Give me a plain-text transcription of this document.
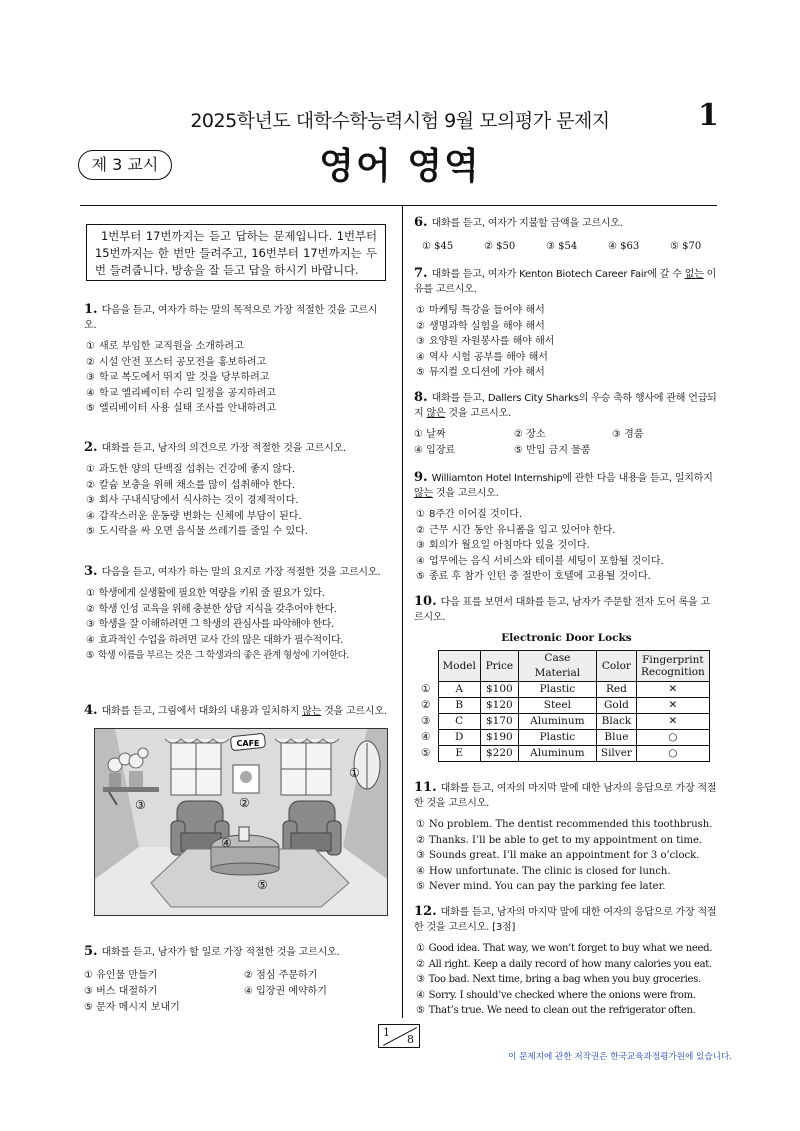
2025학년도 대학수학능력시험 9월 모의평가 문제지	1
제 3 교시	영어 영역
1번부터 17번까지는 듣고 답하는 문제입니다. 1번부터 15번까지는 한 번만 들려주고, 16번부터 17번까지는 두 번 들려줍니다. 방송을 잘 듣고 답을 하시기 바랍니다.
1. 다음을 듣고, 여자가 하는 말의 목적으로 가장 적절한 것을 고르시오.
① 새로 부임한 교직원을 소개하려고
② 시설 안전 포스터 공모전을 홍보하려고
③ 학교 복도에서 뛰지 말 것을 당부하려고
④ 학교 엘리베이터 수리 일정을 공지하려고
⑤ 엘리베이터 사용 실태 조사를 안내하려고
2. 대화를 듣고, 남자의 의견으로 가장 적절한 것을 고르시오.
① 과도한 양의 단백질 섭취는 건강에 좋지 않다.
② 칼슘 보충을 위해 채소를 많이 섭취해야 한다.
③ 회사 구내식당에서 식사하는 것이 경제적이다.
④ 갑작스러운 운동량 변화는 신체에 부담이 된다.
⑤ 도시락을 싸 오면 음식물 쓰레기를 줄일 수 있다.
3. 다음을 듣고, 여자가 하는 말의 요지로 가장 적절한 것을 고르시오.
① 학생에게 실생활에 필요한 역량을 키워 줄 필요가 있다.
② 학생 인성 교육을 위해 충분한 상담 지식을 갖추어야 한다.
③ 학생을 잘 이해하려면 그 학생의 관심사를 파악해야 한다.
④ 효과적인 수업을 하려면 교사 간의 많은 대화가 필수적이다.
⑤ 학생 이름을 부르는 것은 그 학생과의 좋은 관계 형성에 기여한다.
4. 대화를 듣고, 그림에서 대화의 내용과 일치하지 않는 것을 고르시오.
CAFE
①
②
③
④
⑤
5. 대화를 듣고, 남자가 할 일로 가장 적절한 것을 고르시오.
① 유인물 만들기	② 점심 주문하기
③ 버스 대절하기	④ 입장권 예약하기
⑤ 문자 메시지 보내기
6. 대화를 듣고, 여자가 지불할 금액을 고르시오.
① $45	② $50	③ $54	④ $63	⑤ $70
7. 대화를 듣고, 여자가 Kenton Biotech Career Fair에 갈 수 없는 이유를 고르시오.
① 마케팅 특강을 들어야 해서
② 생명과학 실험을 해야 해서
③ 요양원 자원봉사를 해야 해서
④ 역사 시험 공부를 해야 해서
⑤ 뮤지컬 오디션에 가야 해서
8. 대화를 듣고, Dallers City Sharks의 우승 축하 행사에 관해 언급되지 않은 것을 고르시오.
① 날짜	② 장소	③ 경품
④ 입장료	⑤ 반입 금지 물품
9. Williamton Hotel Internship에 관한 다음 내용을 듣고, 일치하지 않는 것을 고르시오.
① 8주간 이어질 것이다.
② 근무 시간 동안 유니폼을 입고 있어야 한다.
③ 회의가 월요일 아침마다 있을 것이다.
④ 업무에는 음식 서비스와 테이블 세팅이 포함될 것이다.
⑤ 종료 후 참가 인턴 중 절반이 호텔에 고용될 것이다.
10. 다음 표를 보면서 대화를 듣고, 남자가 주문할 전자 도어 록을 고르시오.
Electronic Door Locks
	Model	Price	Case Material	Color	Fingerprint Recognition
①	A	$100	Plastic	Red	✕
②	B	$120	Steel	Gold	✕
③	C	$170	Aluminum	Black	✕
④	D	$190	Plastic	Blue	○
⑤	E	$220	Aluminum	Silver	○
11. 대화를 듣고, 여자의 마지막 말에 대한 남자의 응답으로 가장 적절한 것을 고르시오.
① No problem. The dentist recommended this toothbrush.
② Thanks. I’ll be able to get to my appointment on time.
③ Sounds great. I’ll make an appointment for 3 o’clock.
④ How unfortunate. The clinic is closed for lunch.
⑤ Never mind. You can pay the parking fee later.
12. 대화를 듣고, 남자의 마지막 말에 대한 여자의 응답으로 가장 적절한 것을 고르시오. [3점]
① Good idea. That way, we won’t forget to buy what we need.
② All right. Keep a daily record of how many calories you eat.
③ Too bad. Next time, bring a bag when you buy groceries.
④ Sorry. I should’ve checked where the onions were from.
⑤ That’s true. We need to clean out the refrigerator often.
1
8
이 문제지에 관한 저작권은 한국교육과정평가원에 있습니다.
